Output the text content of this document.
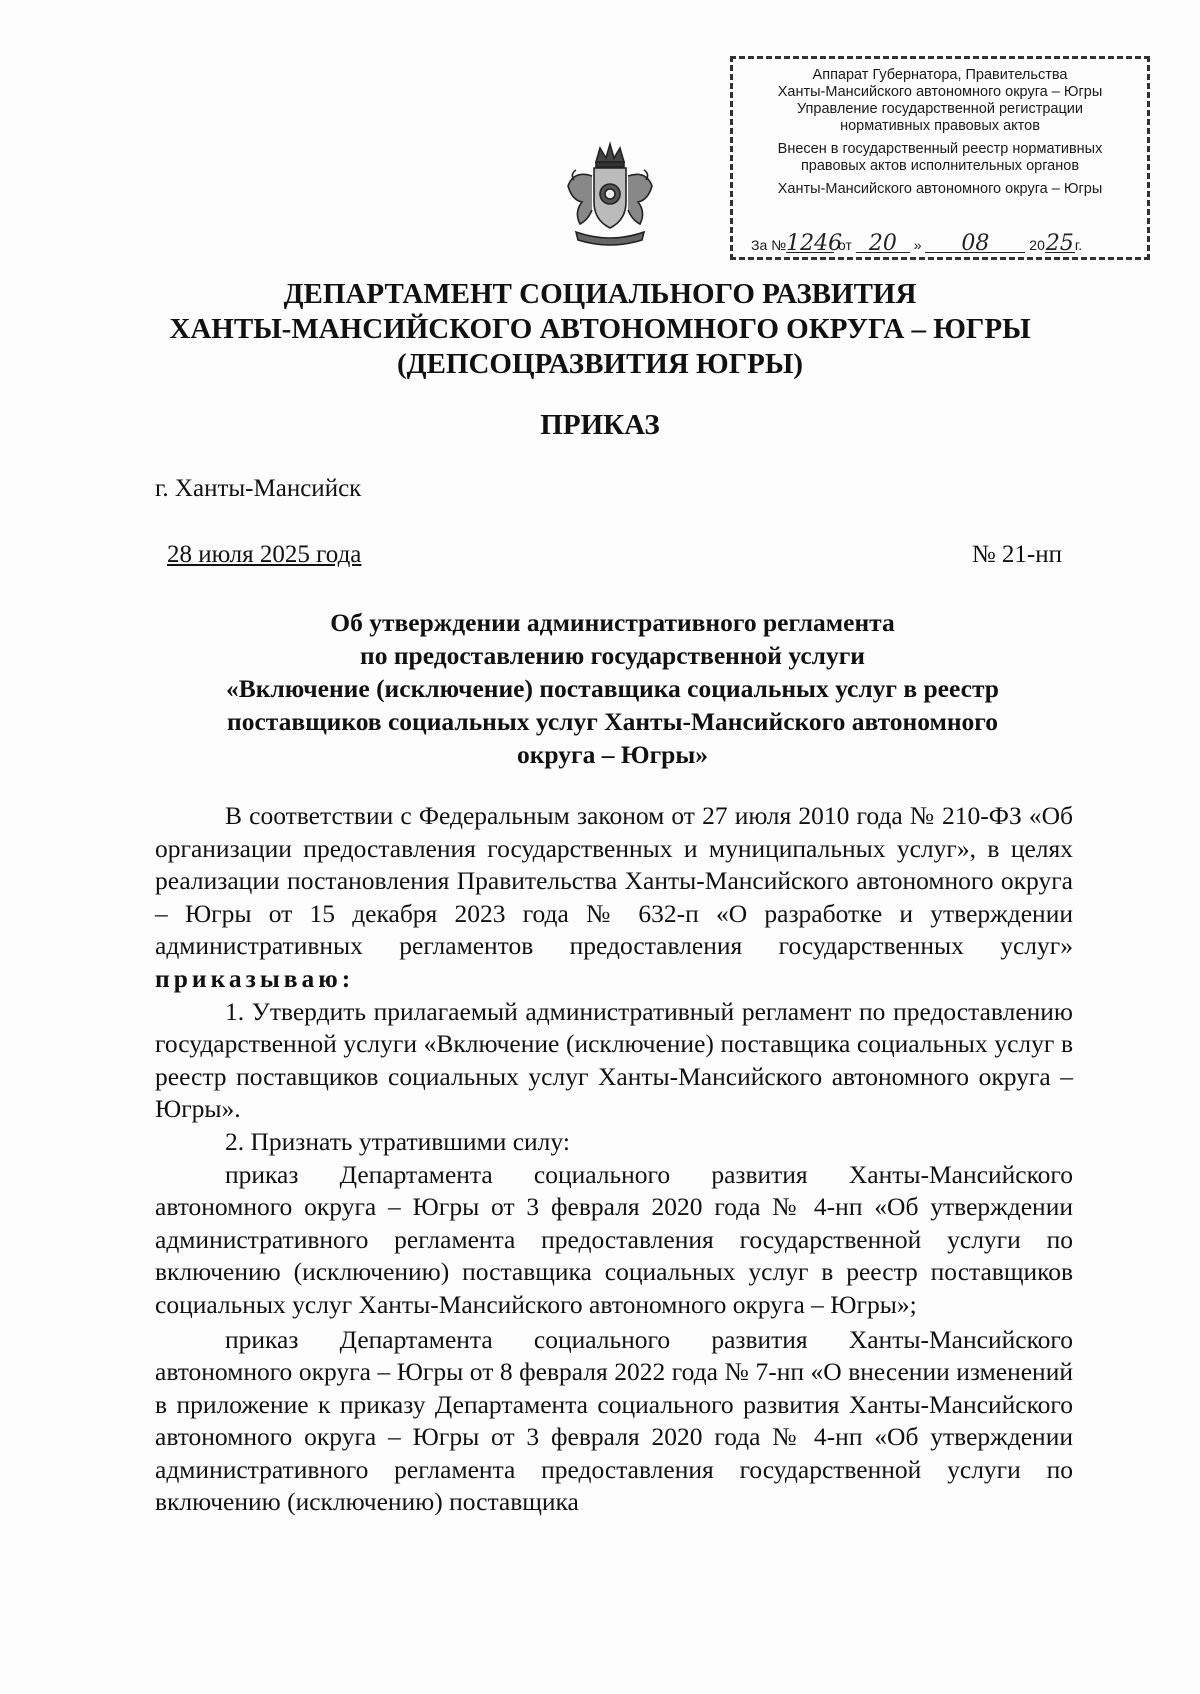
Аппарат Губернатора, Правительства
Ханты-Мансийского автономного округа – Югры
Управление государственной регистрации
нормативных правовых актов
Внесен в государственный реестр нормативных
правовых актов исполнительных органов
Ханты-Мансийского автономного округа – Югры
За №1246 от 20 » 08	2025г.
ДЕПАРТАМЕНТ СОЦИАЛЬНОГО РАЗВИТИЯ
ХАНТЫ-МАНСИЙСКОГО АВТОНОМНОГО ОКРУГА – ЮГРЫ
(ДЕПСОЦРАЗВИТИЯ ЮГРЫ)
ПРИКАЗ
г. Ханты-Мансийск
28 июля 2025 года	№ 21-нп
Об утверждении административного регламента
по предоставлению государственной услуги
«Включение (исключение) поставщика социальных услуг в реестр
поставщиков социальных услуг Ханты-Мансийского автономного
округа – Югры»

В соответствии с Федеральным законом от 27 июля 2010 года № 210-ФЗ «Об организации предоставления государственных и муниципальных услуг», в целях реализации постановления Правительства Ханты-Мансийского автономного округа – Югры от 15 декабря 2023 года № 632-п «О разработке и утверждении административных регламентов предоставления государственных услуг» приказываю:

1. Утвердить прилагаемый административный регламент по предоставлению государственной услуги «Включение (исключение) поставщика социальных услуг в реестр поставщиков социальных услуг Ханты-Мансийского автономного округа – Югры».

2. Признать утратившими силу:

приказ Департамента социального развития Ханты-Мансийского автономного округа – Югры от 3 февраля 2020 года № 4-нп «Об утверждении административного регламента предоставления государственной услуги по включению (исключению) поставщика социальных услуг в реестр поставщиков социальных услуг Ханты-Мансийского автономного округа – Югры»;

приказ Департамента социального развития Ханты-Мансийского автономного округа – Югры от 8 февраля 2022 года № 7-нп «О внесении изменений в приложение к приказу Департамента социального развития Ханты-Мансийского автономного округа – Югры от 3 февраля 2020 года № 4-нп «Об утверждении административного регламента предоставления государственной услуги по включению (исключению) поставщика
